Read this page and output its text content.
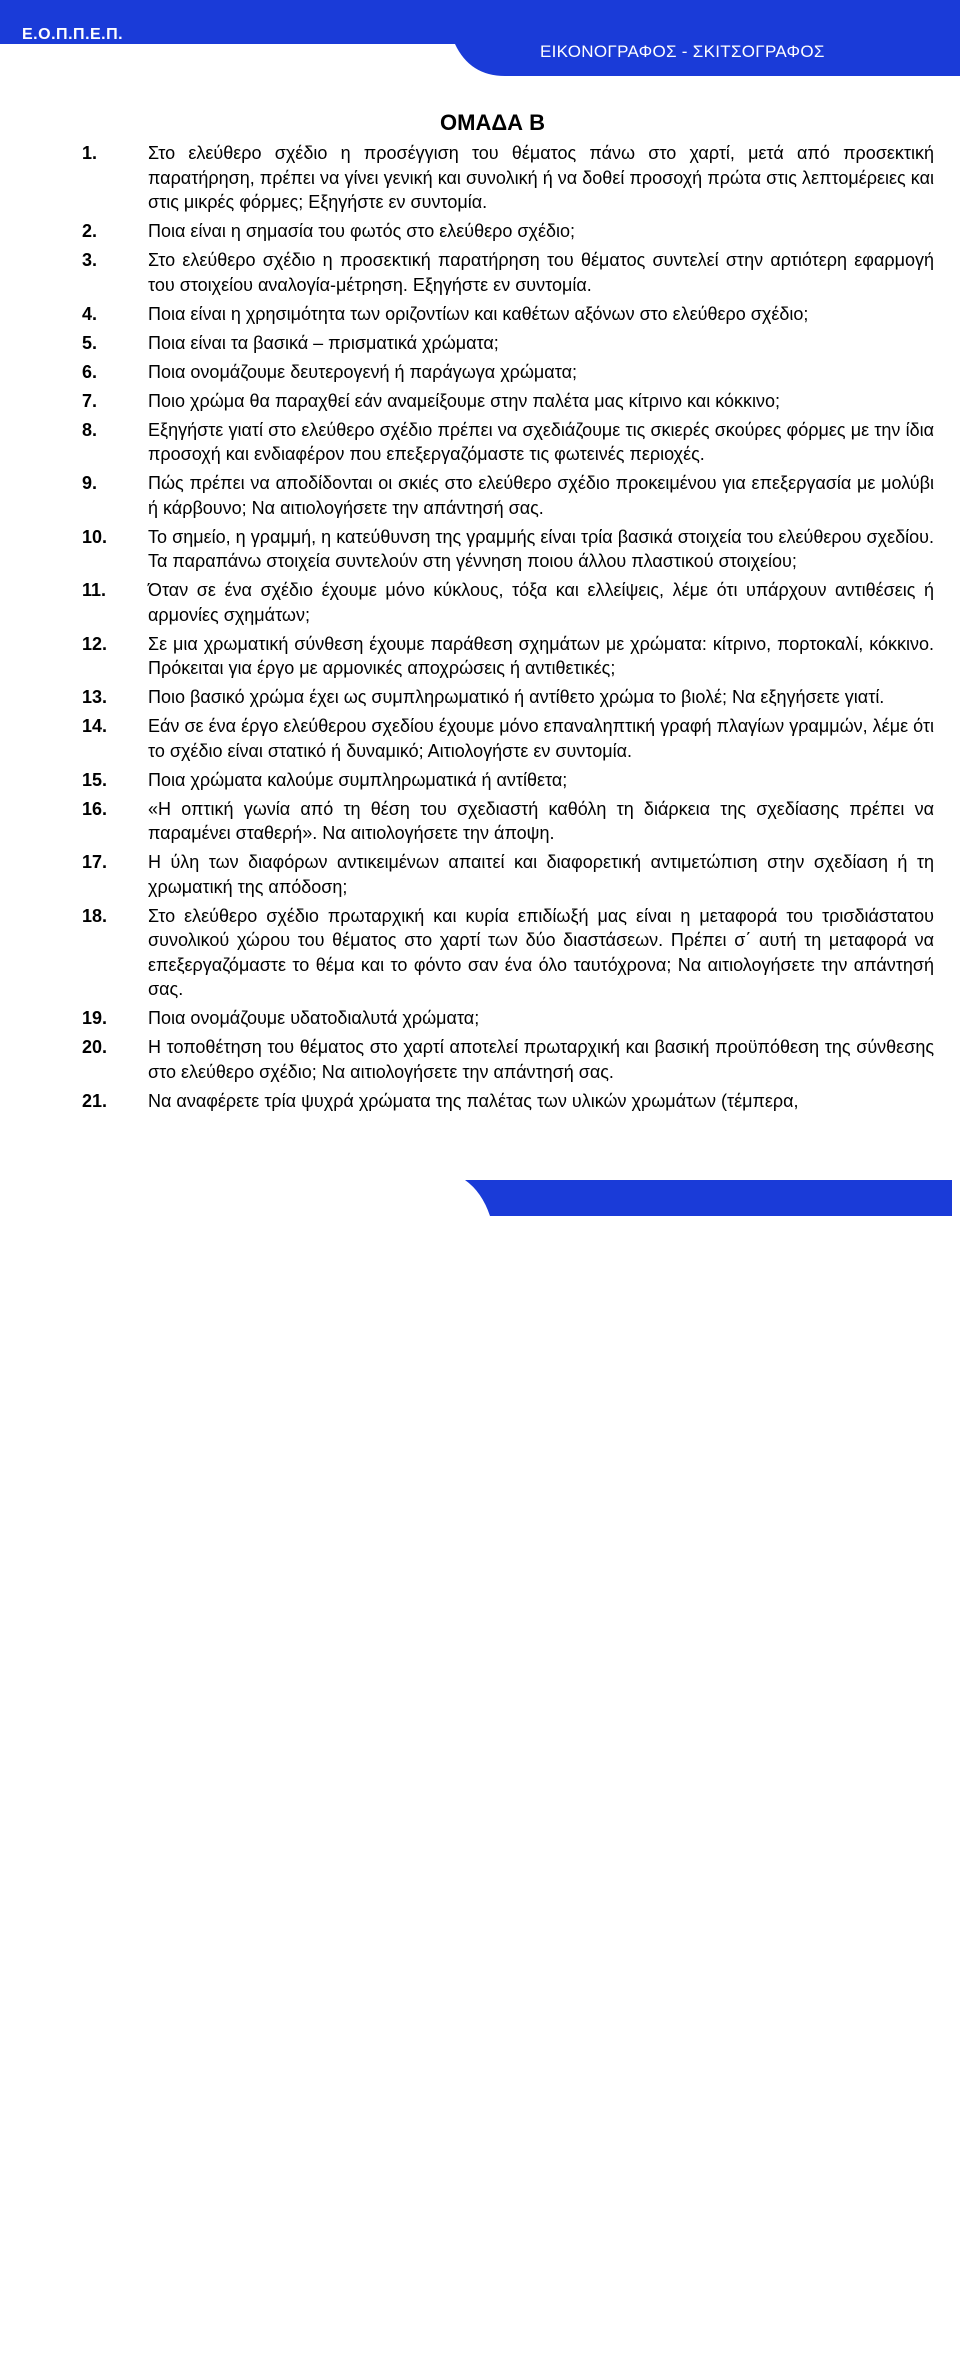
Ε.Ο.Π.Π.Ε.Π.
ΕΙΚΟΝΟΓΡΑΦΟΣ - ΣΚΙΤΣΟΓΡΑΦΟΣ
ΟΜΑΔΑ Β
1.	Στο ελεύθερο σχέδιο η προσέγγιση του θέματος πάνω στο χαρτί, μετά από προσεκτική παρατήρηση, πρέπει να γίνει γενική και συνολική ή να δοθεί προσοχή πρώτα στις λεπτομέρειες και στις μικρές φόρμες; Εξηγήστε εν συντομία.
2.	Ποια είναι η σημασία του φωτός στο ελεύθερο σχέδιο;
3.	Στο ελεύθερο σχέδιο η προσεκτική παρατήρηση του θέματος συντελεί στην αρτιότερη εφαρμογή του στοιχείου αναλογία-μέτρηση. Εξηγήστε εν συντομία.
4.	Ποια είναι η χρησιμότητα των οριζοντίων και καθέτων αξόνων στο ελεύθερο σχέδιο;
5.	Ποια είναι τα βασικά – πρισματικά χρώματα;
6.	Ποια ονομάζουμε δευτερογενή ή παράγωγα χρώματα;
7.	Ποιο χρώμα θα παραχθεί εάν αναμείξουμε στην παλέτα μας κίτρινο και κόκκινο;
8.	Εξηγήστε γιατί στο ελεύθερο σχέδιο πρέπει να σχεδιάζουμε τις σκιερές σκούρες φόρμες με την ίδια προσοχή και ενδιαφέρον που επεξεργαζόμαστε τις φωτεινές περιοχές.
9.	Πώς πρέπει να αποδίδονται οι σκιές στο ελεύθερο σχέδιο προκειμένου για επεξεργασία με μολύβι ή κάρβουνο; Να αιτιολογήσετε την απάντησή σας.
10.	Το σημείο, η γραμμή, η κατεύθυνση της γραμμής είναι τρία βασικά στοιχεία του ελεύθερου σχεδίου. Τα παραπάνω στοιχεία συντελούν στη γέννηση ποιου άλλου πλαστικού στοιχείου;
11.	Όταν σε ένα σχέδιο έχουμε μόνο κύκλους, τόξα και ελλείψεις, λέμε ότι υπάρχουν αντιθέσεις ή αρμονίες σχημάτων;
12.	Σε μια χρωματική σύνθεση έχουμε παράθεση σχημάτων με χρώματα: κίτρινο, πορτοκαλί, κόκκινο. Πρόκειται για έργο με αρμονικές αποχρώσεις ή αντιθετικές;
13.	Ποιο βασικό χρώμα έχει ως συμπληρωματικό ή αντίθετο χρώμα το βιολέ; Να εξηγήσετε γιατί.
14.	Εάν σε ένα έργο ελεύθερου σχεδίου έχουμε μόνο επαναληπτική γραφή πλαγίων γραμμών, λέμε ότι το σχέδιο είναι στατικό ή δυναμικό; Αιτιολογήστε εν συντομία.
15.	Ποια χρώματα καλούμε συμπληρωματικά ή αντίθετα;
16.	«Η οπτική γωνία από τη θέση του σχεδιαστή καθόλη τη διάρκεια της σχεδίασης πρέπει να παραμένει σταθερή». Να αιτιολογήσετε την άποψη.
17.	Η ύλη των διαφόρων αντικειμένων απαιτεί και διαφορετική αντιμετώπιση στην σχεδίαση ή τη χρωματική της απόδοση;
18.	Στο ελεύθερο σχέδιο πρωταρχική και κυρία επιδίωξή μας είναι η μεταφορά του τρισδιάστατου συνολικού χώρου του θέματος στο χαρτί των δύο διαστάσεων. Πρέπει σ΄ αυτή τη μεταφορά να επεξεργαζόμαστε το θέμα και το φόντο σαν ένα όλο ταυτόχρονα; Να αιτιολογήσετε την απάντησή σας.
19.	Ποια ονομάζουμε υδατοδιαλυτά χρώματα;
20.	Η τοποθέτηση του θέματος στο χαρτί αποτελεί πρωταρχική και βασική προϋπόθεση της σύνθεσης στο ελεύθερο σχέδιο; Να αιτιολογήσετε την απάντησή σας.
21.	Να αναφέρετε τρία ψυχρά χρώματα της παλέτας των υλικών χρωμάτων (τέμπερα,
Σελίδα 6 από 16
